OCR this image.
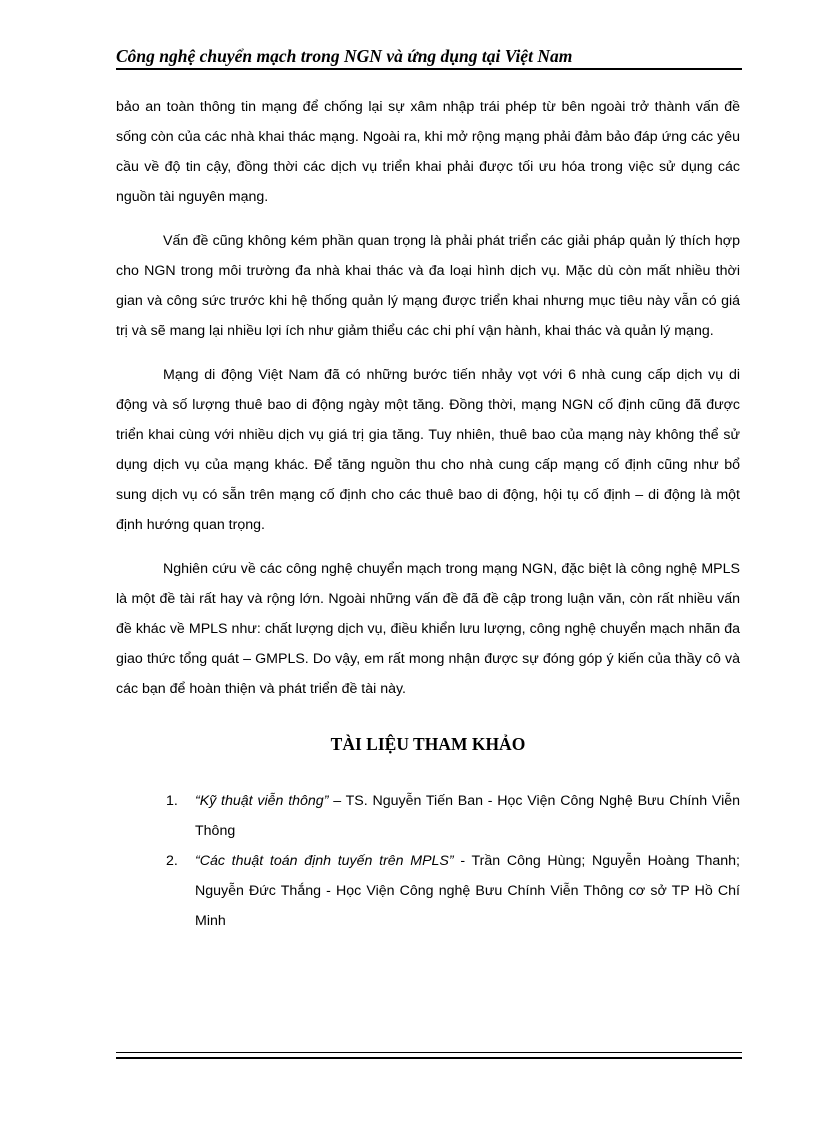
Công nghệ chuyển mạch trong NGN và ứng dụng tại Việt Nam

bảo an toàn thông tin mạng để chống lại sự xâm nhập trái phép từ bên ngoài trở thành vấn đề sống còn của các nhà khai thác mạng. Ngoài ra, khi mở rộng mạng phải đảm bảo đáp ứng các yêu cầu về độ tin cậy, đồng thời các dịch vụ triển khai phải được tối ưu hóa trong việc sử dụng các nguồn tài nguyên mạng.

Vấn đề cũng không kém phần quan trọng là phải phát triển các giải pháp quản lý thích hợp cho NGN trong môi trường đa nhà khai thác và đa loại hình dịch vụ. Mặc dù còn mất nhiều thời gian và công sức trước khi hệ thống quản lý mạng được triển khai nhưng mục tiêu này vẫn có giá trị và sẽ mang lại nhiều lợi ích như giảm thiểu các chi phí vận hành, khai thác và quản lý mạng.

Mạng di động Việt Nam đã có những bước tiến nhảy vọt với 6 nhà cung cấp dịch vụ di động và số lượng thuê bao di động ngày một tăng. Đồng thời, mạng NGN cố định cũng đã được triển khai cùng với nhiều dịch vụ giá trị gia tăng. Tuy nhiên, thuê bao của mạng này không thể sử dụng dịch vụ của mạng khác. Để tăng nguồn thu cho nhà cung cấp mạng cố định cũng như bổ sung dịch vụ có sẵn trên mạng cố định cho các thuê bao di động, hội tụ cố định – di động là một định hướng quan trọng.

Nghiên cứu về các công nghệ chuyển mạch trong mạng NGN, đặc biệt là công nghệ MPLS là một đề tài rất hay và rộng lớn. Ngoài những vấn đề đã đề cập trong luận văn, còn rất nhiều vấn đề khác về MPLS như: chất lượng dịch vụ, điều khiển lưu lượng, công nghệ chuyển mạch nhãn đa giao thức tổng quát – GMPLS. Do vậy, em rất mong nhận được sự đóng góp ý kiến của thầy cô và các bạn để hoàn thiện và phát triển đề tài này.

TÀI LIỆU THAM KHẢO
1. “Kỹ thuật viễn thông” – TS. Nguyễn Tiến Ban - Học Viện Công Nghệ Bưu Chính Viễn Thông
2. “Các thuật toán định tuyến trên MPLS” - Trần Công Hùng; Nguyễn Hoàng Thanh; Nguyễn Đức Thắng - Học Viện Công nghệ Bưu Chính Viễn Thông cơ sở TP Hồ Chí Minh
